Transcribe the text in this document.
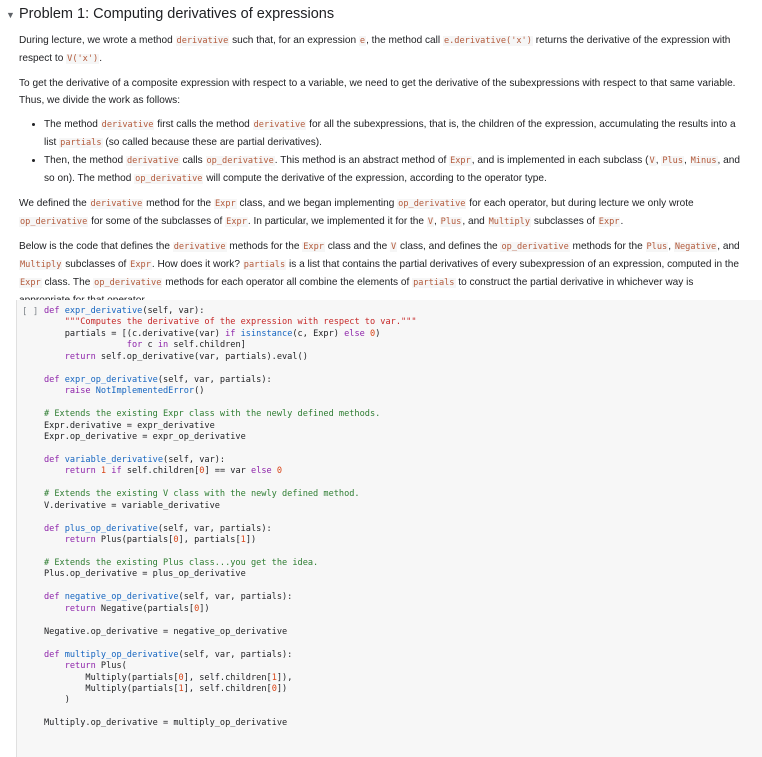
▼ Problem 1: Computing derivatives of expressions

During lecture, we wrote a method derivative such that, for an expression e, the method call e.derivative('x') returns the derivative of the expression with respect to V('x').

To get the derivative of a composite expression with respect to a variable, we need to get the derivative of the subexpressions with respect to that same variable. Thus, we divide the work as follows:

• The method derivative first calls the method derivative for all the subexpressions, that is, the children of the expression, accumulating the results into a list partials (so called because these are partial derivatives).
• Then, the method derivative calls op_derivative. This method is an abstract method of Expr, and is implemented in each subclass (V, Plus, Minus, and so on). The method op_derivative will compute the derivative of the expression, according to the operator type.

We defined the derivative method for the Expr class, and we began implementing op_derivative for each operator, but during lecture we only wrote op_derivative for some of the subclasses of Expr. In particular, we implemented it for the V, Plus, and Multiply subclasses of Expr.

Below is the code that defines the derivative methods for the Expr class and the V class, and defines the op_derivative methods for the Plus, Negative, and Multiply subclasses of Expr. How does it work? partials is a list that contains the partial derivatives of every subexpression of an expression, computed in the Expr class. The op_derivative methods for each operator all combine the elements of partials to construct the partial derivative in whichever way is

[ ] def expr_derivative(self, var):
"""Computes the derivative of the expression with respect to var."""
partials = [(c.derivative(var) if isinstance(c, Expr) else 0)
for c in self.children]
return self.op_derivative(var, partials).eval()

def expr_op_derivative(self, var, partials):
raise NotImplementedError()

# Extends the existing Expr class with the newly defined methods.
Expr.derivative = expr_derivative
Expr.op_derivative = expr_op_derivative

def variable_derivative(self, var):
return 1 if self.children[0] == var else 0

# Extends the existing V class with the newly defined method.
V.derivative = variable_derivative

def plus_op_derivative(self, var, partials):
return Plus(partials[0], partials[1])

# Extends the existing Plus class...you get the idea.
Plus.op_derivative = plus_op_derivative

def negative_op_derivative(self, var, partials):
return Negative(partials[0])

Negative.op_derivative = negative_op_derivative

def multiply_op_derivative(self, var, partials):
return Plus(
Multiply(partials[0], self.children[1]),
Multiply(partials[1], self.children[0])
)

Multiply.op_derivative = multiply_op_derivative
